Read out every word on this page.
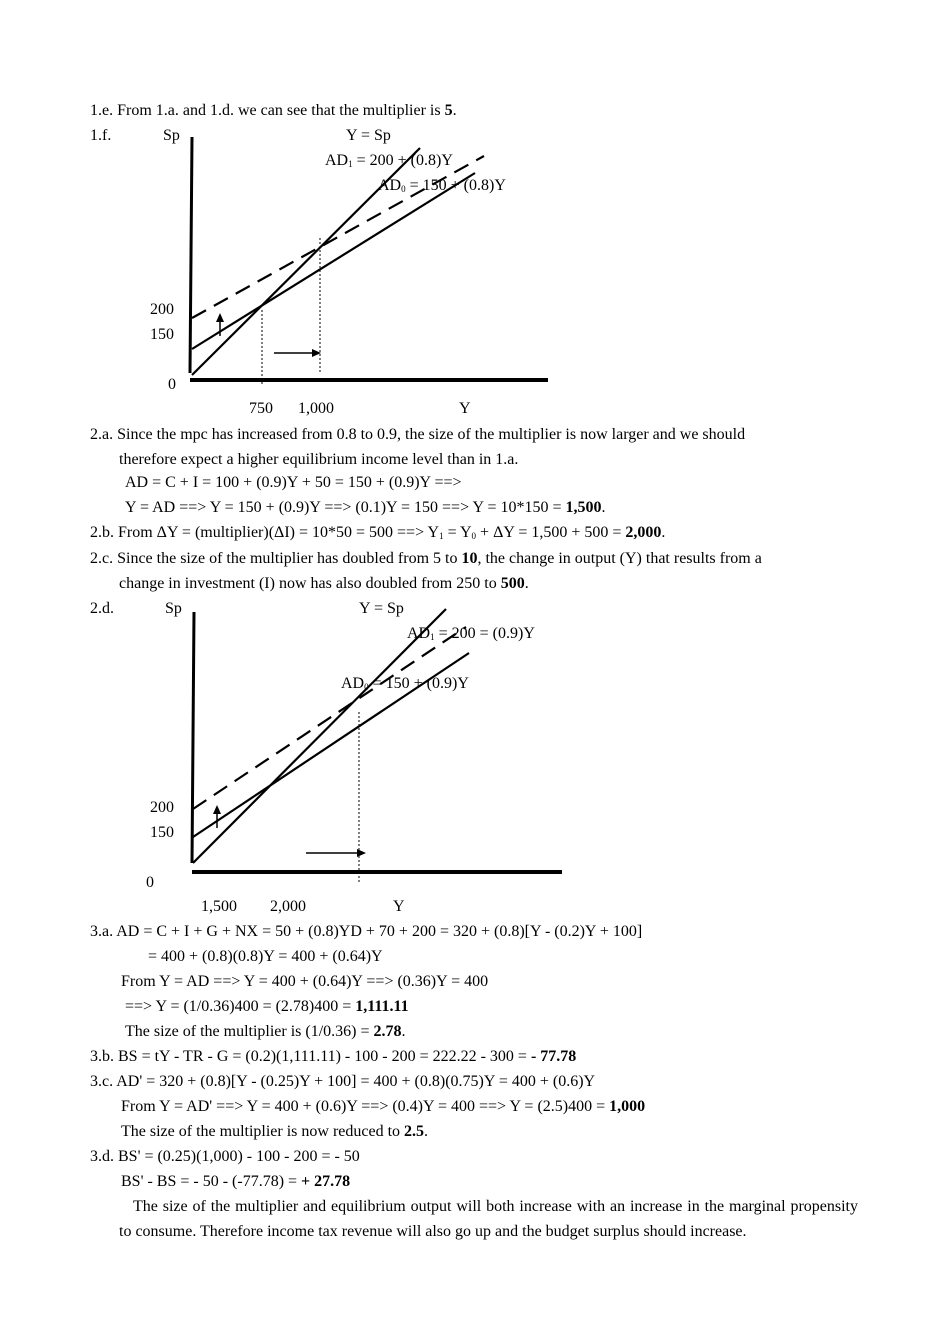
1.e. From 1.a. and 1.d. we can see that the multiplier is 5.
1.f.	Sp	Y = Sp
$AD_1 = 200 + (0.8)Y$
$AD_0 = 150 + (0.8)Y$
200
150
0
750 1,000	Y
2.a. Since the mpc has increased from 0.8 to 0.9, the size of the multiplier is now larger and we should
therefore expect a higher equilibrium income level than in 1.a.
AD = C + I = 100 + (0.9)Y + 50 = 150 + (0.9)Y ==>
Y = AD ==> Y = 150 + (0.9)Y ==> (0.1)Y = 150 ==> Y = 10*150 = 1,500.
2.b. From ΔY = (multiplier)(ΔI) = 10*50 = 500 ==> $Y_1 = Y_0 + \Delta Y = 1,500 + 500 = 2,000$.
2.c. Since the size of the multiplier has doubled from 5 to 10, the change in output (Y) that results from a
change in investment (I) now has also doubled from 250 to 500.
2.d.	Sp	Y = Sp
$AD_1 = 200 = (0.9)Y$
$AD_0 = 150 + (0.9)Y$
200
150
0
1,500 2,000	Y
3.a. AD = C + I + G + NX = 50 + (0.8)YD + 70 + 200 = 320 + (0.8)[Y - (0.2)Y + 100]
= 400 + (0.8)(0.8)Y = 400 + (0.64)Y
From Y = AD ==> Y = 400 + (0.64)Y ==> (0.36)Y = 400
==> Y = (1/0.36)400 = (2.78)400 = 1,111.11
The size of the multiplier is (1/0.36) = 2.78.
3.b. BS = tY - TR - G = (0.2)(1,111.11) - 100 - 200 = 222.22 - 300 = - 77.78
3.c. AD' = 320 + (0.8)[Y - (0.25)Y + 100] = 400 + (0.8)(0.75)Y = 400 + (0.6)Y
From Y = AD' ==> Y = 400 + (0.6)Y ==> (0.4)Y = 400 ==> Y = (2.5)400 = 1,000
The size of the multiplier is now reduced to 2.5.
3.d. BS' = (0.25)(1,000) - 100 - 200 = - 50
BS' - BS = - 50 - (-77.78) = + 27.78
The size of the multiplier and equilibrium output will both increase with an increase in the marginal propensity to consume. Therefore income tax revenue will also go up and the budget surplus should increase.
